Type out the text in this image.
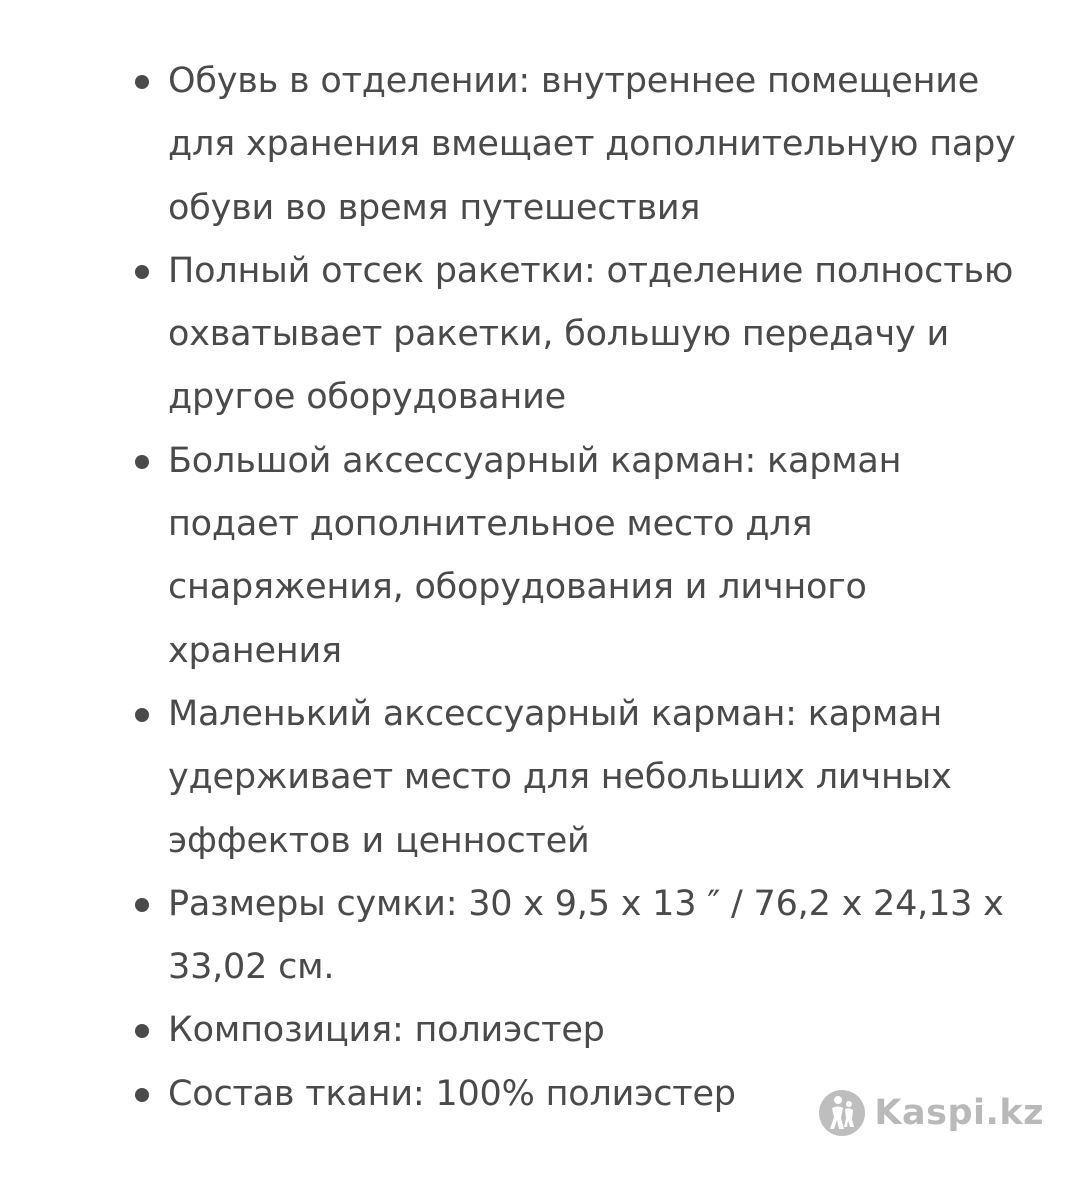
Обувь в отделении: внутреннее помещение для хранения вмещает дополнительную пару обуви во время путешествия
Полный отсек ракетки: отделение полностью охватывает ракетки, большую передачу и другое оборудование
Большой аксессуарный карман: карман подает дополнительное место для снаряжения, оборудования и личного хранения
Маленький аксессуарный карман: карман удерживает место для небольших личных эффектов и ценностей
Размеры сумки: 30 x 9,5 x 13 ″ / 76,2 x 24,13 x 33,02 см.
Композиция: полиэстер
Состав ткани: 100% полиэстер	Kaspi.kz
